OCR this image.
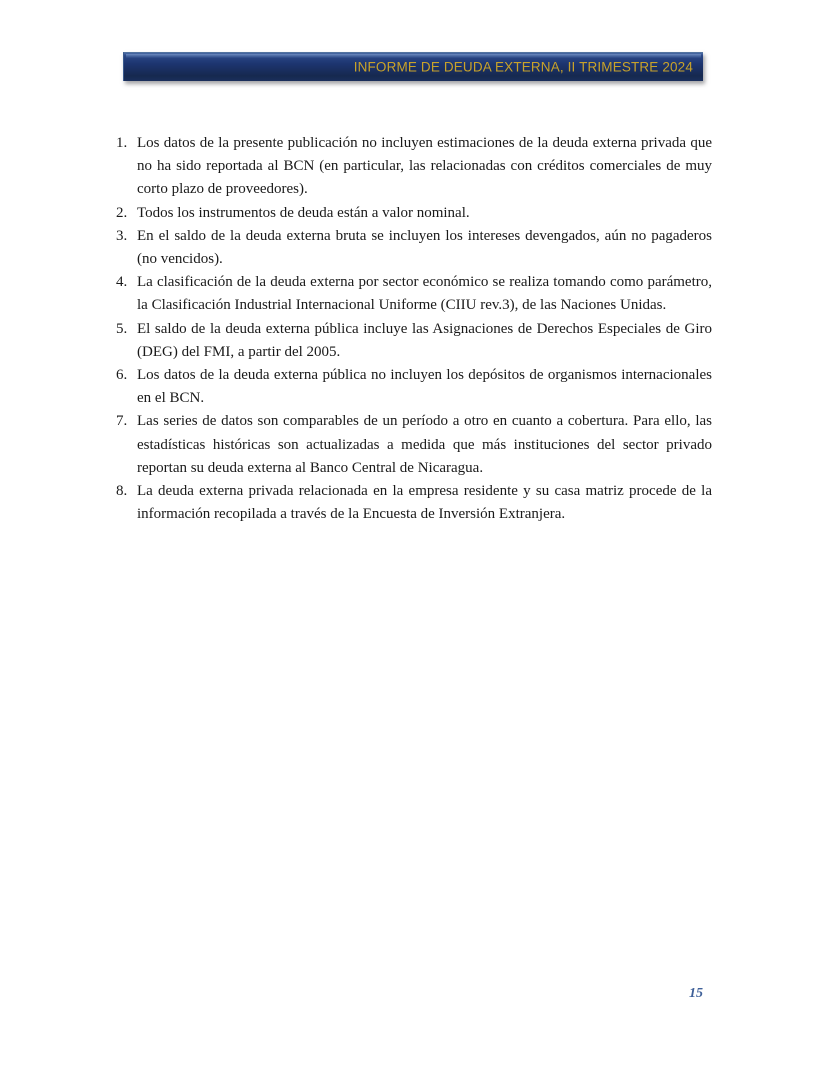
INFORME DE DEUDA EXTERNA, II TRIMESTRE 2024
1. Los datos de la presente publicación no incluyen estimaciones de la deuda externa privada que no ha sido reportada al BCN (en particular, las relacionadas con créditos comerciales de muy corto plazo de proveedores).
2. Todos los instrumentos de deuda están a valor nominal.
3. En el saldo de la deuda externa bruta se incluyen los intereses devengados, aún no pagaderos (no vencidos).
4. La clasificación de la deuda externa por sector económico se realiza tomando como parámetro, la Clasificación Industrial Internacional Uniforme (CIIU rev.3), de las Naciones Unidas.
5. El saldo de la deuda externa pública incluye las Asignaciones de Derechos Especiales de Giro (DEG) del FMI, a partir del 2005.
6. Los datos de la deuda externa pública no incluyen los depósitos de organismos internacionales en el BCN.
7. Las series de datos son comparables de un período a otro en cuanto a cobertura. Para ello, las estadísticas históricas son actualizadas a medida que más instituciones del sector privado reportan su deuda externa al Banco Central de Nicaragua.
8. La deuda externa privada relacionada en la empresa residente y su casa matriz procede de la información recopilada a través de la Encuesta de Inversión Extranjera.
15
